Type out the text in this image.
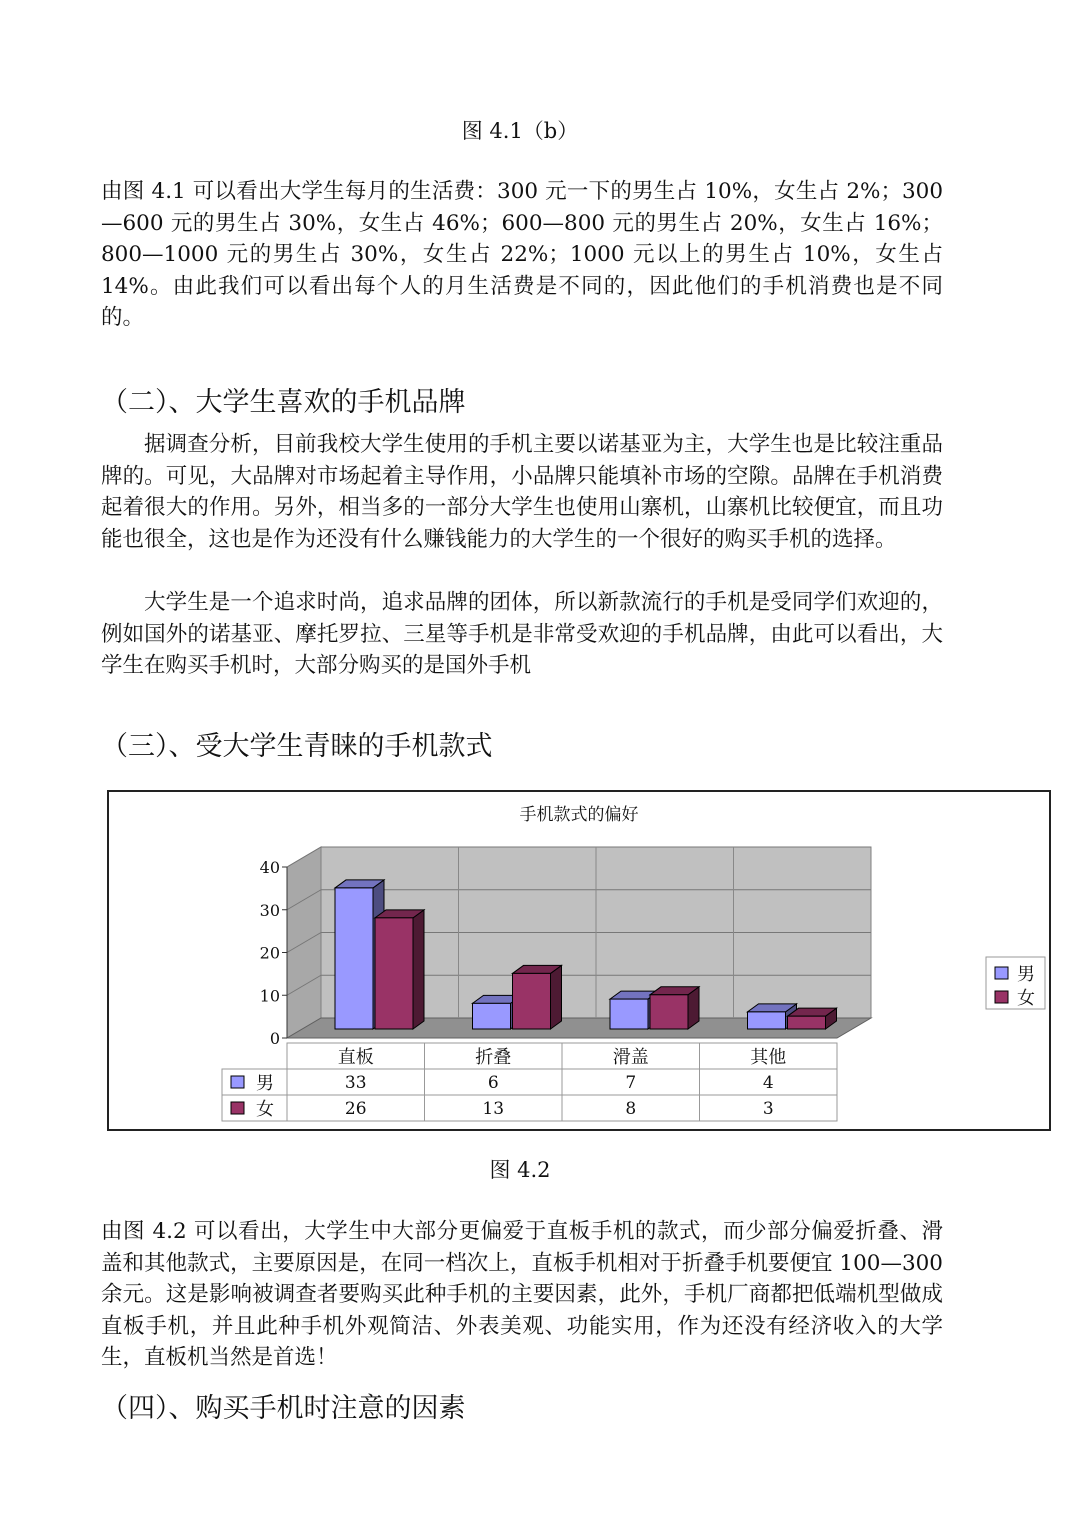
图 4.1（b）

由图 4.1 可以看出大学生每月的生活费：300 元一下的男生占 10%，女生占 2%；300—600 元的男生占 30%，女生占 46%；600—800 元的男生占 20%，女生占 16%；800—1000 元的男生占 30%，女生占 22%；1000 元以上的男生占 10%，女生占 14%。由此我们可以看出每个人的月生活费是不同的，因此他们的手机消费也是不同的。

（二）、大学生喜欢的手机品牌

据调查分析，目前我校大学生使用的手机主要以诺基亚为主，大学生也是比较注重品牌的。可见，大品牌对市场起着主导作用，小品牌只能填补市场的空隙。品牌在手机消费起着很大的作用。另外，相当多的一部分大学生也使用山寨机，山寨机比较便宜，而且功能也很全，这也是作为还没有什么赚钱能力的大学生的一个很好的购买手机的选择。

大学生是一个追求时尚，追求品牌的团体，所以新款流行的手机是受同学们欢迎的，例如国外的诺基亚、摩托罗拉、三星等手机是非常受欢迎的手机品牌，由此可以看出，大学生在购买手机时，大部分购买的是国外手机

（三）、受大学生青睐的手机款式
手机款式的偏好
0
10
20
30
40
直板
33
26
折叠
6
13
滑盖
7
8
其他
4
3
男
女
男
女
图 4.2

由图 4.2 可以看出，大学生中大部分更偏爱于直板手机的款式，而少部分偏爱折叠、滑盖和其他款式，主要原因是，在同一档次上，直板手机相对于折叠手机要便宜 100—300 余元。这是影响被调查者要购买此种手机的主要因素，此外，手机厂商都把低端机型做成直板手机，并且此种手机外观简洁、外表美观、功能实用，作为还没有经济收入的大学生，直板机当然是首选！

（四）、购买手机时注意的因素
